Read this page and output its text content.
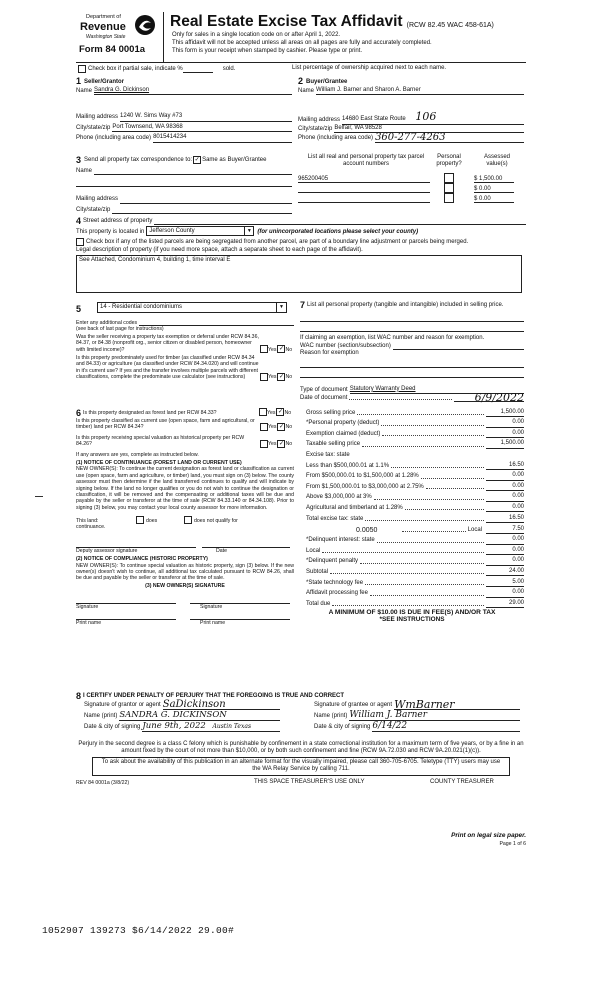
Department of
Revenue
Washington State
Form 84 0001a
Real Estate Excise Tax Affidavit (RCW 82.45 WAC 458-61A)
Only for sales in a single location code on or after April 1, 2022.
This affidavit will not be accepted unless all areas on all pages are fully and accurately completed.
This form is your receipt when stamped by cashier. Please type or print.
Check box if partial sale, indicate %	sold.	List percentage of ownership acquired next to each name.
1 Seller/Grantor
Name Sandra G. Dickinson
Mailing address 1240 W. Sims Way #73
City/state/zip Port Townsend, WA 98368
Phone (including area code) 8015414234
2 Buyer/Grantee
Name William J. Barner and Sharon A. Barner
Mailing address 14680 East State Route 106
City/state/zip Belfair, WA 98528
Phone (including area code) 360-277-4263
3 Send all property tax correspondence to: ✓ Same as Buyer/Grantee
Name
Mailing address
City/state/zip
List all real and personal property tax parcel account numbers
Personal property?
Assessed value(s)
965200405	$ 1,500.00
$ 0.00
$ 0.00
4 Street address of property
This property is located in Jefferson County	▼ (for unincorporated locations please select your county)
Check box if any of the listed parcels are being segregated from another parcel, are part of a boundary line adjustment or parcels being merged.
Legal description of property (if you need more space, attach a separate sheet to each page of the affidavit).
See Attached, Condominium 4, building 1, time interval E
5	14 - Residential condominiums	▼
Enter any additional codes
(see back of last page for instructions)
Was the seller receiving a property tax exemption or deferral under RCW 84.36, 84.37, or 84.38 (nonprofit org., senior citizen or disabled person, homeowner with limited income)?	Yes ✓ No
Is this property predominately used for timber (as classified under RCW 84.34 and 84.33) or agriculture (as classified under RCW 84.34.020) and will continue in it's current use? If yes and the transfer involves multiple parcels with different classifications, complete the predominate use calculator (see instructions)	Yes ✓ No
6 Is this property designated as forest land per RCW 84.33?	Yes ✓ No
Is this property classified as current use (open space, farm and agricultural, or timber) land per RCW 84.34?	Yes ✓ No
Is this property receiving special valuation as historical property per RCW 84.26?	Yes ✓ No
If any answers are yes, complete as instructed below.
(1) NOTICE OF CONTINUANCE (FOREST LAND OR CURRENT USE)
NEW OWNER(S): To continue the current designation as forest land or classification as current use (open space, farm and agriculture, or timber) land, you must sign on (3) below. The county assessor must then determine if the land transferred continues to qualify and will indicate by signing below. If the land no longer qualifies or you do not wish to continue the designation or classification, it will be removed and the compensating or additional taxes will be due and payable by the seller or transferor at the time of sale (RCW 84.33.140 or 84.34.108). Prior to signing (3) below, you may contact your local county assessor for more information.
This land:	does	does not qualify for
continuance.
Deputy assessor signature	Date
(2) NOTICE OF COMPLIANCE (HISTORIC PROPERTY)
NEW OWNER(S): To continue special valuation as historic property, sign (3) below. If the new owner(s) doesn't wish to continue, all additional tax calculated pursuant to RCW 84.26, shall be due and payable by the seller or transferor at the time of sale.
(3) NEW OWNER(S) SIGNATURE
Signature	Signature
Print name	Print name
7 List all personal property (tangible and intangible) included in selling price.
If claiming an exemption, list WAC number and reason for exemption.
WAC number (section/subsection)
Reason for exemption
Type of document Statutory Warranty Deed
Date of document	6/9/2022
Gross selling price	1,500.00
*Personal property (deduct)	0.00
Exemption claimed (deduct)	0.00
Taxable selling price	1,500.00
Excise tax: state
Less than $500,000.01 at 1.1%	16.50
From $500,000.01 to $1,500,000 at 1.28%	0.00
From $1,500,000.01 to $3,000,000 at 2.75%	0.00
Above $3,000,000 at 3%	0.00
Agricultural and timberland at 1.28%	0.00
Total excise tax: state	16.50
0.0050	Local	7.50
*Delinquent interest: state	0.00
Local	0.00
*Delinquent penalty	0.00
Subtotal	24.00
*State technology fee	5.00
Affidavit processing fee	0.00
Total due	29.00
A MINIMUM OF $10.00 IS DUE IN FEE(S) AND/OR TAX
*SEE INSTRUCTIONS
8 I CERTIFY UNDER PENALTY OF PERJURY THAT THE FOREGOING IS TRUE AND CORRECT
Signature of grantor or agent SaDickinson
Name (print) SANDRA G. DICKINSON
Date & city of signing June 9th, 2022 Austin Texas
Signature of grantee or agent WmBarner
Name (print) William J. Barner
Date & city of signing 6/14/22
Perjury in the second degree is a class C felony which is punishable by confinement in a state correctional institution for a maximum term of five years, or by a fine in an amount fixed by the court of not more than $10,000, or by both such confinement and fine (RCW 9A.72.030 and RCW 9A.20.021(1)(c)).
To ask about the availability of this publication in an alternate format for the visually impaired, please call 360-705-6705. Teletype (TTY) users may use the WA Relay Service by calling 711.
REV 84 0001a (3/8/22)	THIS SPACE TREASURER'S USE ONLY	COUNTY TREASURER
Print on legal size paper.
Page 1 of 6
1052907 139273 $6/14/2022 29.00#
